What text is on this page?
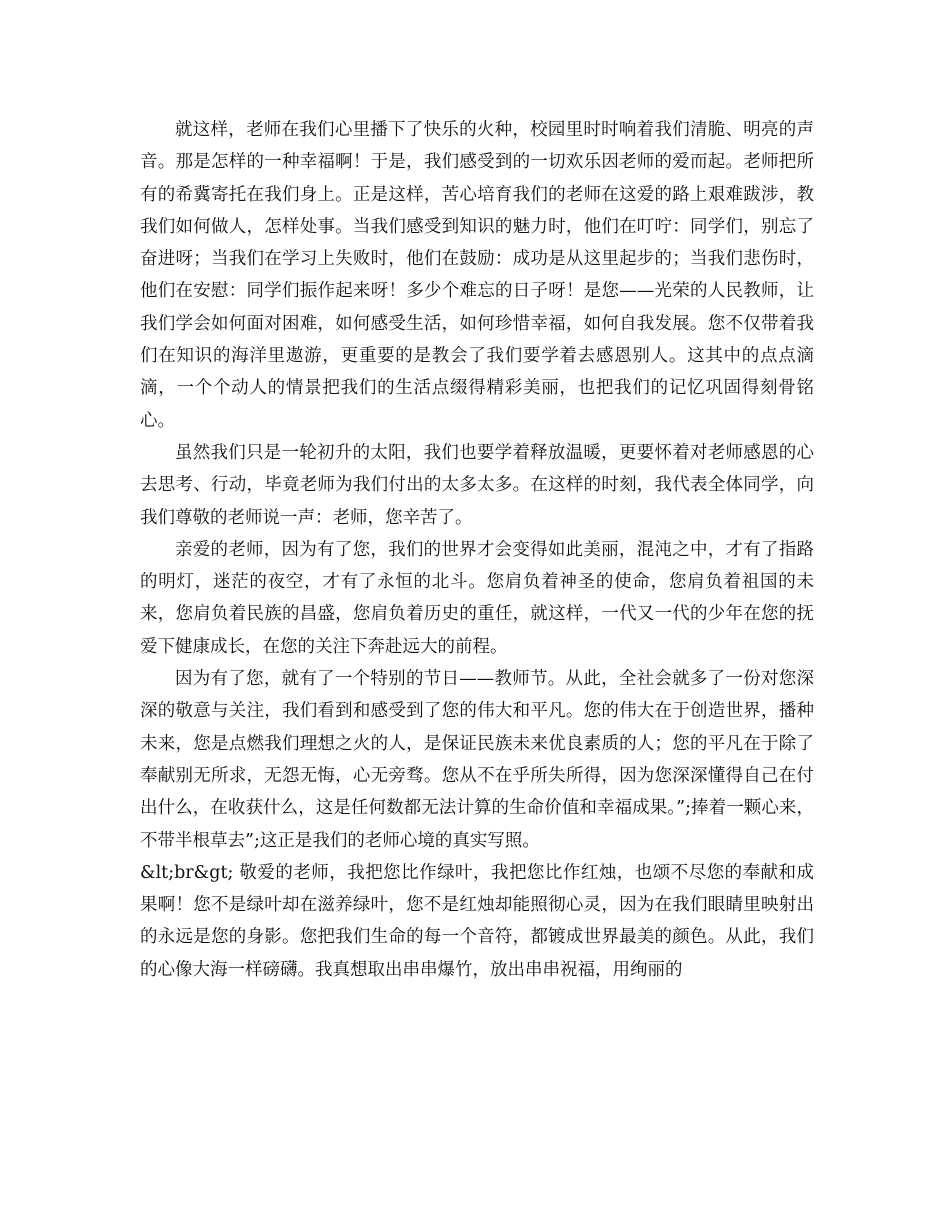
就这样，老师在我们心里播下了快乐的火种，校园里时时响着我们清脆、明亮的声音。那是怎样的一种幸福啊！于是，我们感受到的一切欢乐因老师的爱而起。老师把所有的希冀寄托在我们身上。正是这样，苦心培育我们的老师在这爱的路上艰难跋涉，教我们如何做人，怎样处事。当我们感受到知识的魅力时，他们在叮咛：同学们，别忘了奋进呀；当我们在学习上失败时，他们在鼓励：成功是从这里起步的；当我们悲伤时，他们在安慰：同学们振作起来呀！多少个难忘的日子呀！是您——光荣的人民教师，让我们学会如何面对困难，如何感受生活，如何珍惜幸福，如何自我发展。您不仅带着我们在知识的海洋里遨游，更重要的是教会了我们要学着去感恩别人。这其中的点点滴滴，一个个动人的情景把我们的生活点缀得精彩美丽，也把我们的记忆巩固得刻骨铭心。

虽然我们只是一轮初升的太阳，我们也要学着释放温暖，更要怀着对老师感恩的心去思考、行动，毕竟老师为我们付出的太多太多。在这样的时刻，我代表全体同学，向我们尊敬的老师说一声：老师，您辛苦了。

亲爱的老师，因为有了您，我们的世界才会变得如此美丽，混沌之中，才有了指路的明灯，迷茫的夜空，才有了永恒的北斗。您肩负着神圣的使命，您肩负着祖国的未来，您肩负着民族的昌盛，您肩负着历史的重任，就这样，一代又一代的少年在您的抚爱下健康成长，在您的关注下奔赴远大的前程。

因为有了您，就有了一个特别的节日——教师节。从此，全社会就多了一份对您深深的敬意与关注，我们看到和感受到了您的伟大和平凡。您的伟大在于创造世界，播种未来，您是点燃我们理想之火的人，是保证民族未来优良素质的人；您的平凡在于除了奉献别无所求，无怨无悔，心无旁骛。您从不在乎所失所得，因为您深深懂得自己在付出什么，在收获什么，这是任何数都无法计算的生命价值和幸福成果。”;捧着一颗心来，不带半根草去”;这正是我们的老师心境的真实写照。

&lt;br&gt; 敬爱的老师，我把您比作绿叶，我把您比作红烛，也颂不尽您的奉献和成果啊！您不是绿叶却在滋养绿叶，您不是红烛却能照彻心灵，因为在我们眼睛里映射出的永远是您的身影。您把我们生命的每一个音符，都镀成世界最美的颜色。从此，我们的心像大海一样磅礴。我真想取出串串爆竹，放出串串祝福，用绚丽的
